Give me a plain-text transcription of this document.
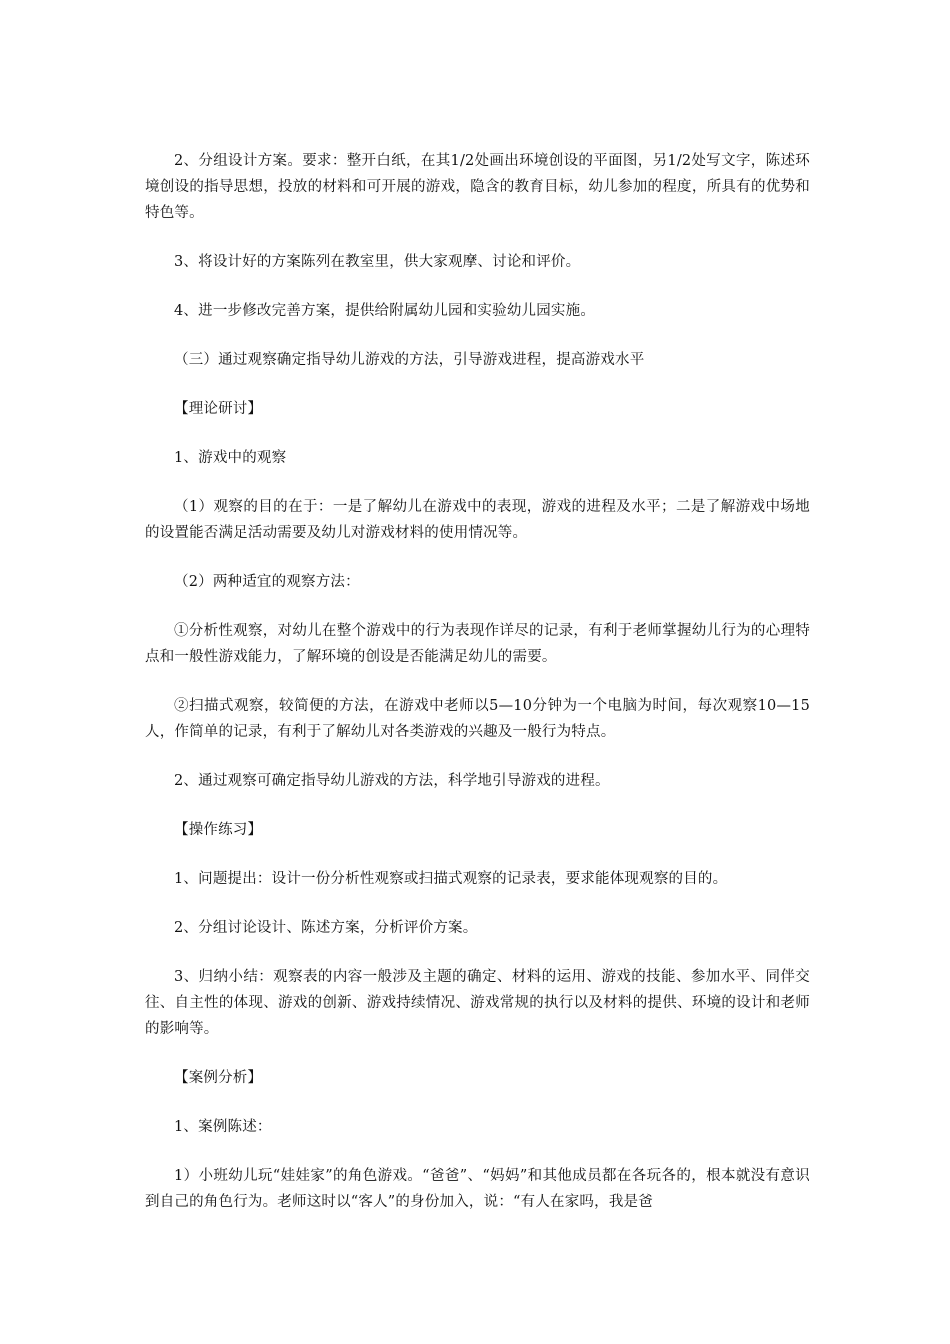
2、分组设计方案。要求：整开白纸，在其1/2处画出环境创设的平面图，另1/2处写文字，陈述环境创设的指导思想，投放的材料和可开展的游戏，隐含的教育目标，幼儿参加的程度，所具有的优势和特色等。

3、将设计好的方案陈列在教室里，供大家观摩、讨论和评价。

4、进一步修改完善方案，提供给附属幼儿园和实验幼儿园实施。

（三）通过观察确定指导幼儿游戏的方法，引导游戏进程，提高游戏水平

【理论研讨】

1、游戏中的观察

（1）观察的目的在于：一是了解幼儿在游戏中的表现，游戏的进程及水平；二是了解游戏中场地的设置能否满足活动需要及幼儿对游戏材料的使用情况等。

（2）两种适宜的观察方法：

①分析性观察，对幼儿在整个游戏中的行为表现作详尽的记录，有利于老师掌握幼儿行为的心理特点和一般性游戏能力，了解环境的创设是否能满足幼儿的需要。

②扫描式观察，较简便的方法，在游戏中老师以5—10分钟为一个电脑为时间，每次观察10—15人，作简单的记录，有利于了解幼儿对各类游戏的兴趣及一般行为特点。

2、通过观察可确定指导幼儿游戏的方法，科学地引导游戏的进程。

【操作练习】

1、问题提出：设计一份分析性观察或扫描式观察的记录表，要求能体现观察的目的。

2、分组讨论设计、陈述方案，分析评价方案。

3、归纳小结：观察表的内容一般涉及主题的确定、材料的运用、游戏的技能、参加水平、同伴交往、自主性的体现、游戏的创新、游戏持续情况、游戏常规的执行以及材料的提供、环境的设计和老师的影响等。

【案例分析】

1、案例陈述：

1）小班幼儿玩“娃娃家”的角色游戏。“爸爸”、“妈妈”和其他成员都在各玩各的，根本就没有意识到自己的角色行为。老师这时以“客人”的身份加入，说：“有人在家吗，我是爸
